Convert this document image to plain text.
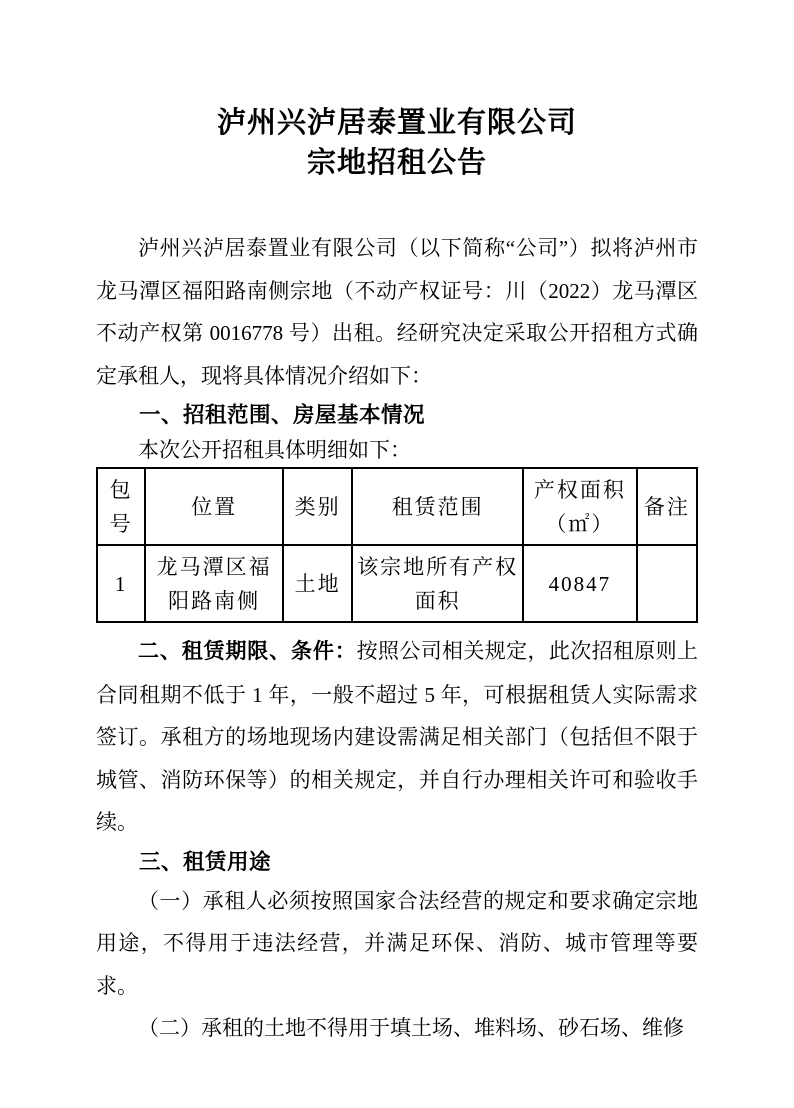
泸州兴泸居泰置业有限公司
宗地招租公告

泸州兴泸居泰置业有限公司（以下简称“公司”）拟将泸州市龙马潭区福阳路南侧宗地（不动产权证号：川（2022）龙马潭区不动产权第 0016778 号）出租。经研究决定采取公开招租方式确定承租人，现将具体情况介绍如下：

一、招租范围、房屋基本情况

本次公开招租具体明细如下：

包号	位置	类别	租赁范围	产权面积（㎡）	备注
1	龙马潭区福阳路南侧	土地	该宗地所有产权面积	40847	

二、租赁期限、条件：按照公司相关规定，此次招租原则上合同租期不低于 1 年，一般不超过 5 年，可根据租赁人实际需求签订。承租方的场地现场内建设需满足相关部门（包括但不限于城管、消防环保等）的相关规定，并自行办理相关许可和验收手续。

三、租赁用途

（一）承租人必须按照国家合法经营的规定和要求确定宗地用途，不得用于违法经营，并满足环保、消防、城市管理等要求。

（二）承租的土地不得用于填土场、堆料场、砂石场、维修
